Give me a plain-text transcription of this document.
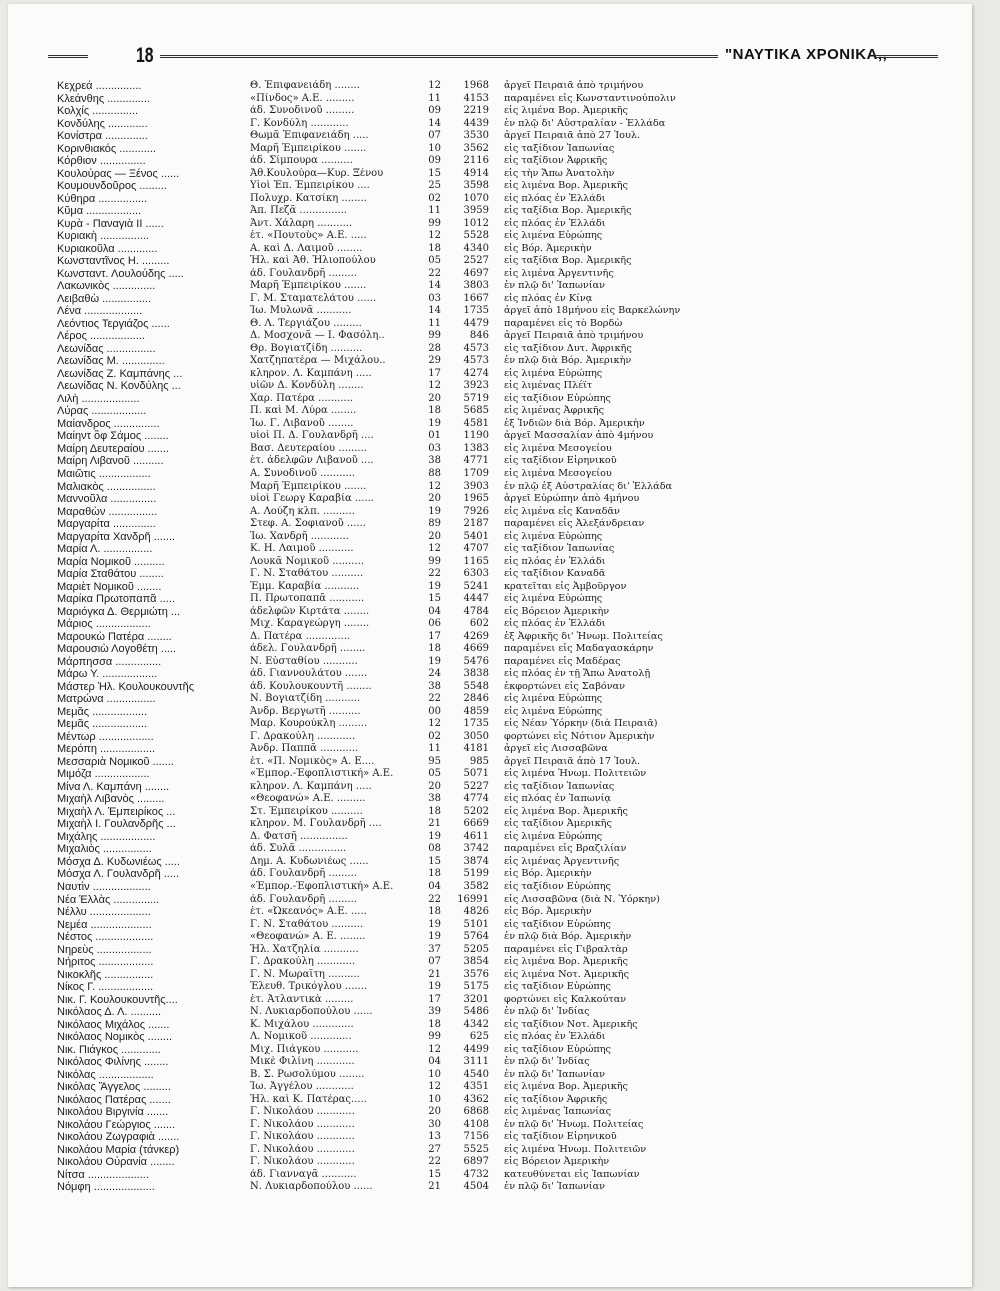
18	"ΝΑΥΤΙΚΑ ΧΡΟΝΙΚΑ,,
Κεχρεά ...............	Θ. Ἐπιφανειάδη ........	12	1968 ἀργεῖ Πειραιᾶ ἀπὸ τριμήνου
Κλεάνθης ..............	«Πίνδος» Α.Ε. .........	11	4153 παραμένει εἰς Κωνσταντινούπολιν
Κολχίς ...............	ἀδ. Συνοδινοῦ .........	09	2219 εἰς λιμένα Βορ. Ἀμερικῆς
Κονδύλης .............	Γ. Κονδύλη ............	14	4439 ἐν πλῷ δι' Αὐστραλίαν - Ἑλλάδα
Κονίστρα ..............	Θωμᾶ Ἐπιφανειάδη .....	07	3530 ἀργεῖ Πειραιᾶ ἀπὸ 27 Ἰουλ.
Κορινθιακός ............	Μαρῆ Ἐμπειρίκου .......	10	3562 εἰς ταξίδιον Ἰαπωνίας
Κόρθιον ...............	ἀδ. Σίμπουρα ..........	09	2116 εἰς ταξίδιον Ἀφρικῆς
Κουλούρας — Ξένος ......	Ἀθ.Κουλούρα—Κυρ. Ξένου	15	4914 εἰς τὴν Ἄπω Ἀνατολὴν
Κουμουνδοῦρος .........	Υἱοὶ Ἐπ. Ἐμπειρίκου ....	25	3598 εἰς λιμένα Βορ. Ἀμερικῆς
Κύθηρα ................	Πολυχρ. Κατσίκη ........	02	1070 εἰς πλόας ἐν Ἑλλάδι
Κῦμα ..................	Ἀπ. Πεζᾶ ...............	11	3959 εἰς ταξίδια Βορ. Ἀμερικῆς
Κυρὰ - Παναγιὰ ΙΙ ......	Ἀντ. Χάλαρη ...........	99	1012 εἰς πλόας ἐν Ἑλλάδι
Κυριακὴ ................	ἑτ. «Πουτοὺς» Α.Ε. .....	12	5528 εἰς λιμένα Εὐρώπης
Κυριακοῦλα .............	Α. καὶ Δ. Λαιμοῦ ........	18	4340 εἰς Βόρ. Ἀμερικὴν
Κωνσταντῖνος Η. .........	Ἠλ. καὶ Ἀθ. Ἠλιοπούλου	05	2527 εἰς ταξίδια Βορ. Ἀμερικῆς
Κωνσταντ. Λουλούδης .....	ἀδ. Γουλανδρῆ .........	22	4697 εἰς λιμένα Ἀργεντινῆς
Λακωνικὸς ..............	Μαρῆ Ἐμπειρίκου .......	14	3803 ἐν πλῷ δι' Ἰαπωνίαν
Λειβαθὼ ................	Γ. Μ. Σταματελάτου ......	03	1667 εἰς πλόας ἐν Κίνᾳ
Λένα ...................	Ἰω. Μυλωνᾶ ...........	14	1735 ἀργεῖ ἀπὸ 18μήνου εἰς Βαρκελώνην
Λεόντιος Τεργιάζος ......	Θ. Λ. Τεργιάζου .........	11	4479 παραμένει εἰς τὸ Βορδὼ
Λέρος ..................	Δ. Μοσχονᾶ — Ι. Φασόλη..	99	846 ἀργεῖ Πειραιᾶ ἀπὸ τριμήνου
Λεωνίδας ................	Θρ. Βογιατζίδη ..........	28	4573 εἰς ταξίδιον Δυτ. Ἀφρικῆς
Λεωνίδας Μ. ..............	Χατζηπατέρα — Μιχάλου..	29	4573 ἐν πλῷ διὰ Βόρ. Ἀμερικὴν
Λεωνίδας Ζ. Καμπάνης ...	κληρον. Λ. Καμπάνη .....	17	4274 εἰς λιμένα Εὐρώπης
Λεωνίδας Ν. Κονδύλης ...	υἱῶν Δ. Κονδύλη ........	12	3923 εἰς λιμένας Πλέϊτ
Λιλὴ ...................	Χαρ. Πατέρα ...........	20	5719 εἰς ταξίδιον Εὐρώπης
Λύρας ..................	Π. καὶ Μ. Λύρα ........	18	5685 εἰς λιμένας Ἀφρικῆς
Μαίανδρος ...............	Ἰω. Γ. Λιβανοῦ ........	19	4581 ἐξ Ἰνδιῶν διὰ Βόρ. Ἀμερικὴν
Μαίηντ ὂφ Σάμος ........	υἱοὶ Π. Δ. Γουλανδρῆ ....	01	1190 ἀργεῖ Μασσαλίαν ἀπὸ 4μήνου
Μαίρη Δευτεραίου .......	Βασ. Δευτεραίου .........	03	1383 εἰς λιμένα Μεσογείου
Μαίρη Λιβανοῦ ..........	ἑτ. ἀδελφῶν Λιβανοῦ ....	38	4771 εἰς ταξίδιον Εἰρηνικοῦ
Μαιῶτις .................	Α. Συνοδινοῦ ...........	88	1709 εἰς λιμένα Μεσογείου
Μαλιακὸς ................	Μαρῆ Ἐμπειρίκου .......	12	3903 ἐν πλῷ ἐξ Αὐστραλίας δι' Ἑλλάδα
Μαννοῦλα ...............	υἱοὶ Γεωργ Καραβία ......	20	1965 ἀργεῖ Εὐρώπην ἀπὸ 4μήνου
Μαραθὼν ................	Α. Λούζη κλπ. ..........	19	7926 εἰς λιμένα εἰς Καναδᾶν
Μαργαρίτα ..............	Στεφ. Α. Σοφιανοῦ ......	89	2187 παραμένει εἰς Ἀλεξάνδρειαν
Μαργαρίτα Χανδρῆ .......	Ἰω. Χανδρῆ ............	20	5401 εἰς λιμένα Εὐρώπης
Μαρία Λ. ................	Κ. Η. Λαιμοῦ ...........	12	4707 εἰς ταξίδιον Ἰαπωνίας
Μαρία Νομικοῦ ..........	Λουκᾶ Νομικοῦ ..........	99	1165 εἰς πλόας ἐν Ἑλλάδι
Μαρία Σταθάτου ........	Γ. Ν. Σταθάτου ..........	22	6303 εἰς ταξίδιον Καναδᾶ
Μαριὲτ Νομικοῦ ........	Ἐμμ. Καραβία ...........	19	5241 κρατεῖται εἰς Ἀμβοῦργον
Μαρίκα Πρωτοπαπᾶ .....	Π. Πρωτοπαπᾶ ...........	15	4447 εἰς λιμένα Εὐρώπης
Μαριόγκα Δ. Θερμιώτη ...	ἀδελφῶν Κιρτάτα ........	04	4784 εἰς Βόρειον Ἀμερικὴν
Μάριος ..................	Μιχ. Καραγεώργη ........	06	602 εἰς πλόας ἐν Ἑλλάδι
Μαρουκὼ Πατέρα ........	Δ. Πατέρα ..............	17	4269 ἐξ Ἀφρικῆς δι' Ἡνωμ. Πολιτείας
Μαρουσιὼ Λογοθέτη .....	ἀδελ. Γουλανδρῆ ........	18	4669 παραμένει εἰς Μαδαγασκάρην
Μάρπησσα ...............	Ν. Εὐσταθίου ...........	19	5476 παραμένει εἰς Μαδέρας
Μάρω Υ. ..................	ἀδ. Γιαννουλάτου .......	24	3838 εἰς πλόας ἐν τῇ Ἄπω Ἀνατολῇ
Μάστερ Ἠλ. Κουλουκουντῆς	ἀδ. Κουλουκουντῆ ........	38	5548 ἐκφορτώνει εἰς Σαβόναν
Ματρώνα ................	Ν. Βογιατζίδη ...........	22	2846 εἰς λιμένα Εὐρώπης
Μεμᾶς ..................	Ἀνδρ. Βεργωτῆ ..........	00	4859 εἰς λιμένα Εὐρώπης
Μεμᾶς ..................	Μαρ. Κουρούκλη .........	12	1735 εἰς Νέαν Ὑόρκην (διὰ Πειραιᾶ)
Μέντωρ ..................	Γ. Δρακούλη ............	02	3050 φορτώνει εἰς Νότιον Ἀμερικὴν
Μερόπη ..................	Ἀνδρ. Παππᾶ ............	11	4181 ἀργεῖ εἰς Λισσαβῶνα
Μεσσαριὰ Νομικοῦ .......	ἑτ. «Π. Νομικὸς» Α. Ε....	95	985 ἀργεῖ Πειραιᾶ ἀπὸ 17 Ἰουλ.
Μιμόζα ..................	«Ἐμπορ.-Ἐφοπλιστική» Α.Ε.	05	5071 εἰς λιμένα Ἡνωμ. Πολιτειῶν
Μίνα Λ. Καμπάνη ........	κληρον. Λ. Καμπάνη .....	20	5227 εἰς ταξίδιον Ἰαπωνίας
Μιχαὴλ Λιβανὸς .........	«Θεοφανώ» Α.Ε. .........	38	4774 εἰς πλόας ἐν Ἰαπωνίᾳ
Μιχαὴλ Λ. Ἐμπειρίκος ...	Στ. Ἐμπειρίκου ..........	18	5202 εἰς λιμένα Βορ. Ἀμερικῆς
Μιχαὴλ Ι. Γουλανδρῆς ...	κληρον. Μ. Γουλανδρῆ ....	21	6669 εἰς ταξίδιον Ἀμερικῆς
Μιχάλης ..................	Δ. Φατσῆ ...............	19	4611 εἰς λιμένα Εὐρώπης
Μιχαλιὸς ................	ἀδ. Συλᾶ ...............	08	3742 παραμένει εἰς Βραζιλίαν
Μόσχα Δ. Κυδωνιέως .....	Δημ. Α. Κυδωνιέως ......	15	3874 εἰς λιμένας Ἀργεντινῆς
Μόσχα Λ. Γουλανδρῆ .....	ἀδ. Γουλανδρῆ .........	18	5199 εἰς Βόρ. Ἀμερικὴν
Ναυτὶν ...................	«Ἐμπορ.-Ἐφοπλιστική» Α.Ε.	04	3582 εἰς ταξίδιον Εὐρώπης
Νέα Ἑλλὰς ...............	ἀδ. Γουλανδρῆ .........	22	16991 εἰς Λισσαβῶνα (διὰ Ν. Ὑόρκην)
Νέλλυ ....................	ἑτ. «Ὠκεανός» Α.Ε. .....	18	4826 εἰς Βόρ. Ἀμερικὴν
Νεμέα ....................	Γ. Ν. Σταθάτου ..........	19	5101 εἰς ταξίδιον Εὐρώπης
Νέστος ...................	«Θεοφανώ» Α. Ε. ........	19	5764 ἐν πλῷ διὰ Βόρ. Ἀμερικὴν
Νηρεὺς ..................	Ἠλ. Χατζηλία ...........	37	5205 παραμένει εἰς Γιβραλτὰρ
Νήριτος ..................	Γ. Δρακούλη ............	07	3854 εἰς λιμένα Βορ. Ἀμερικῆς
Νικοκλῆς ................	Γ. Ν. Μωραΐτη ..........	21	3576 εἰς λιμένα Νοτ. Ἀμερικῆς
Νίκος Γ. ..................	Ἐλευθ. Τρικόγλου .......	19	5175 εἰς ταξίδιον Εὐρώπης
Νικ. Γ. Κουλουκουντῆς....	ἑτ. Ἀτλαντικὰ .........	17	3201 φορτώνει εἰς Καλκούταν
Νικόλαος Δ. Λ. ..........	Ν. Λυκιαρδοπούλου ......	39	5486 ἐν πλῷ δι' Ἰνδίας
Νικόλαος Μιχάλος .......	Κ. Μιχάλου .............	18	4342 εἰς ταξίδιον Νοτ. Ἀμερικῆς
Νικόλαος Νομικὸς ........	Λ. Νομικοῦ .............	99	625 εἰς πλόας ἐν Ἑλλάδι
Νικ. Πιάγκος .............	Μιχ. Πιάγκου ...........	12	4499 εἰς ταξίδιον Εὐρώπης
Νικόλαος Φιλίνης ........	Μικὲ Φιλίνη ............	04	3111 ἐν πλῷ δι' Ἰνδίας
Νικόλας ..................	Β. Σ. Ρωσολύμου ........	10	4540 ἐν πλῷ δι' Ἰαπωνίαν
Νικόλας Ἄγγελος .........	Ἰω. Ἀγγέλου ............	12	4351 εἰς λιμένα Βορ. Ἀμερικῆς
Νικόλαος Πατέρας .......	Ἠλ. καὶ Κ. Πατέρας.....	10	4362 εἰς ταξίδιον Ἀφρικῆς
Νικολάου Βιργινία .......	Γ. Νικολάου ............	20	6868 εἰς λιμένας Ἰαπωνίας
Νικολάου Γεώργιος .......	Γ. Νικολάου ............	30	4108 ἐν πλῷ δι' Ἡνωμ. Πολιτείας
Νικολάου Ζωγραφιὰ .......	Γ. Νικολάου ............	13	7156 εἰς ταξίδιον Εἰρηνικοῦ
Νικολάου Μαρία (τάνκερ)	Γ. Νικολάου ............	27	5525 εἰς λιμένα Ἡνωμ. Πολιτειῶν
Νικολάου Οὐρανία ........	Γ. Νικολάου ............	22	6897 εἰς Βόρειον Ἀμερικὴν
Νίτσα ....................	ἀδ. Γιανναγᾶ ...........	15	4732 κατευθύνεται εἰς Ἰαπωνίαν
Νόμφη ....................	Ν. Λυκιαρδοπούλου ......	21	4504 ἐν πλῷ δι' Ἰαπωνίαν
